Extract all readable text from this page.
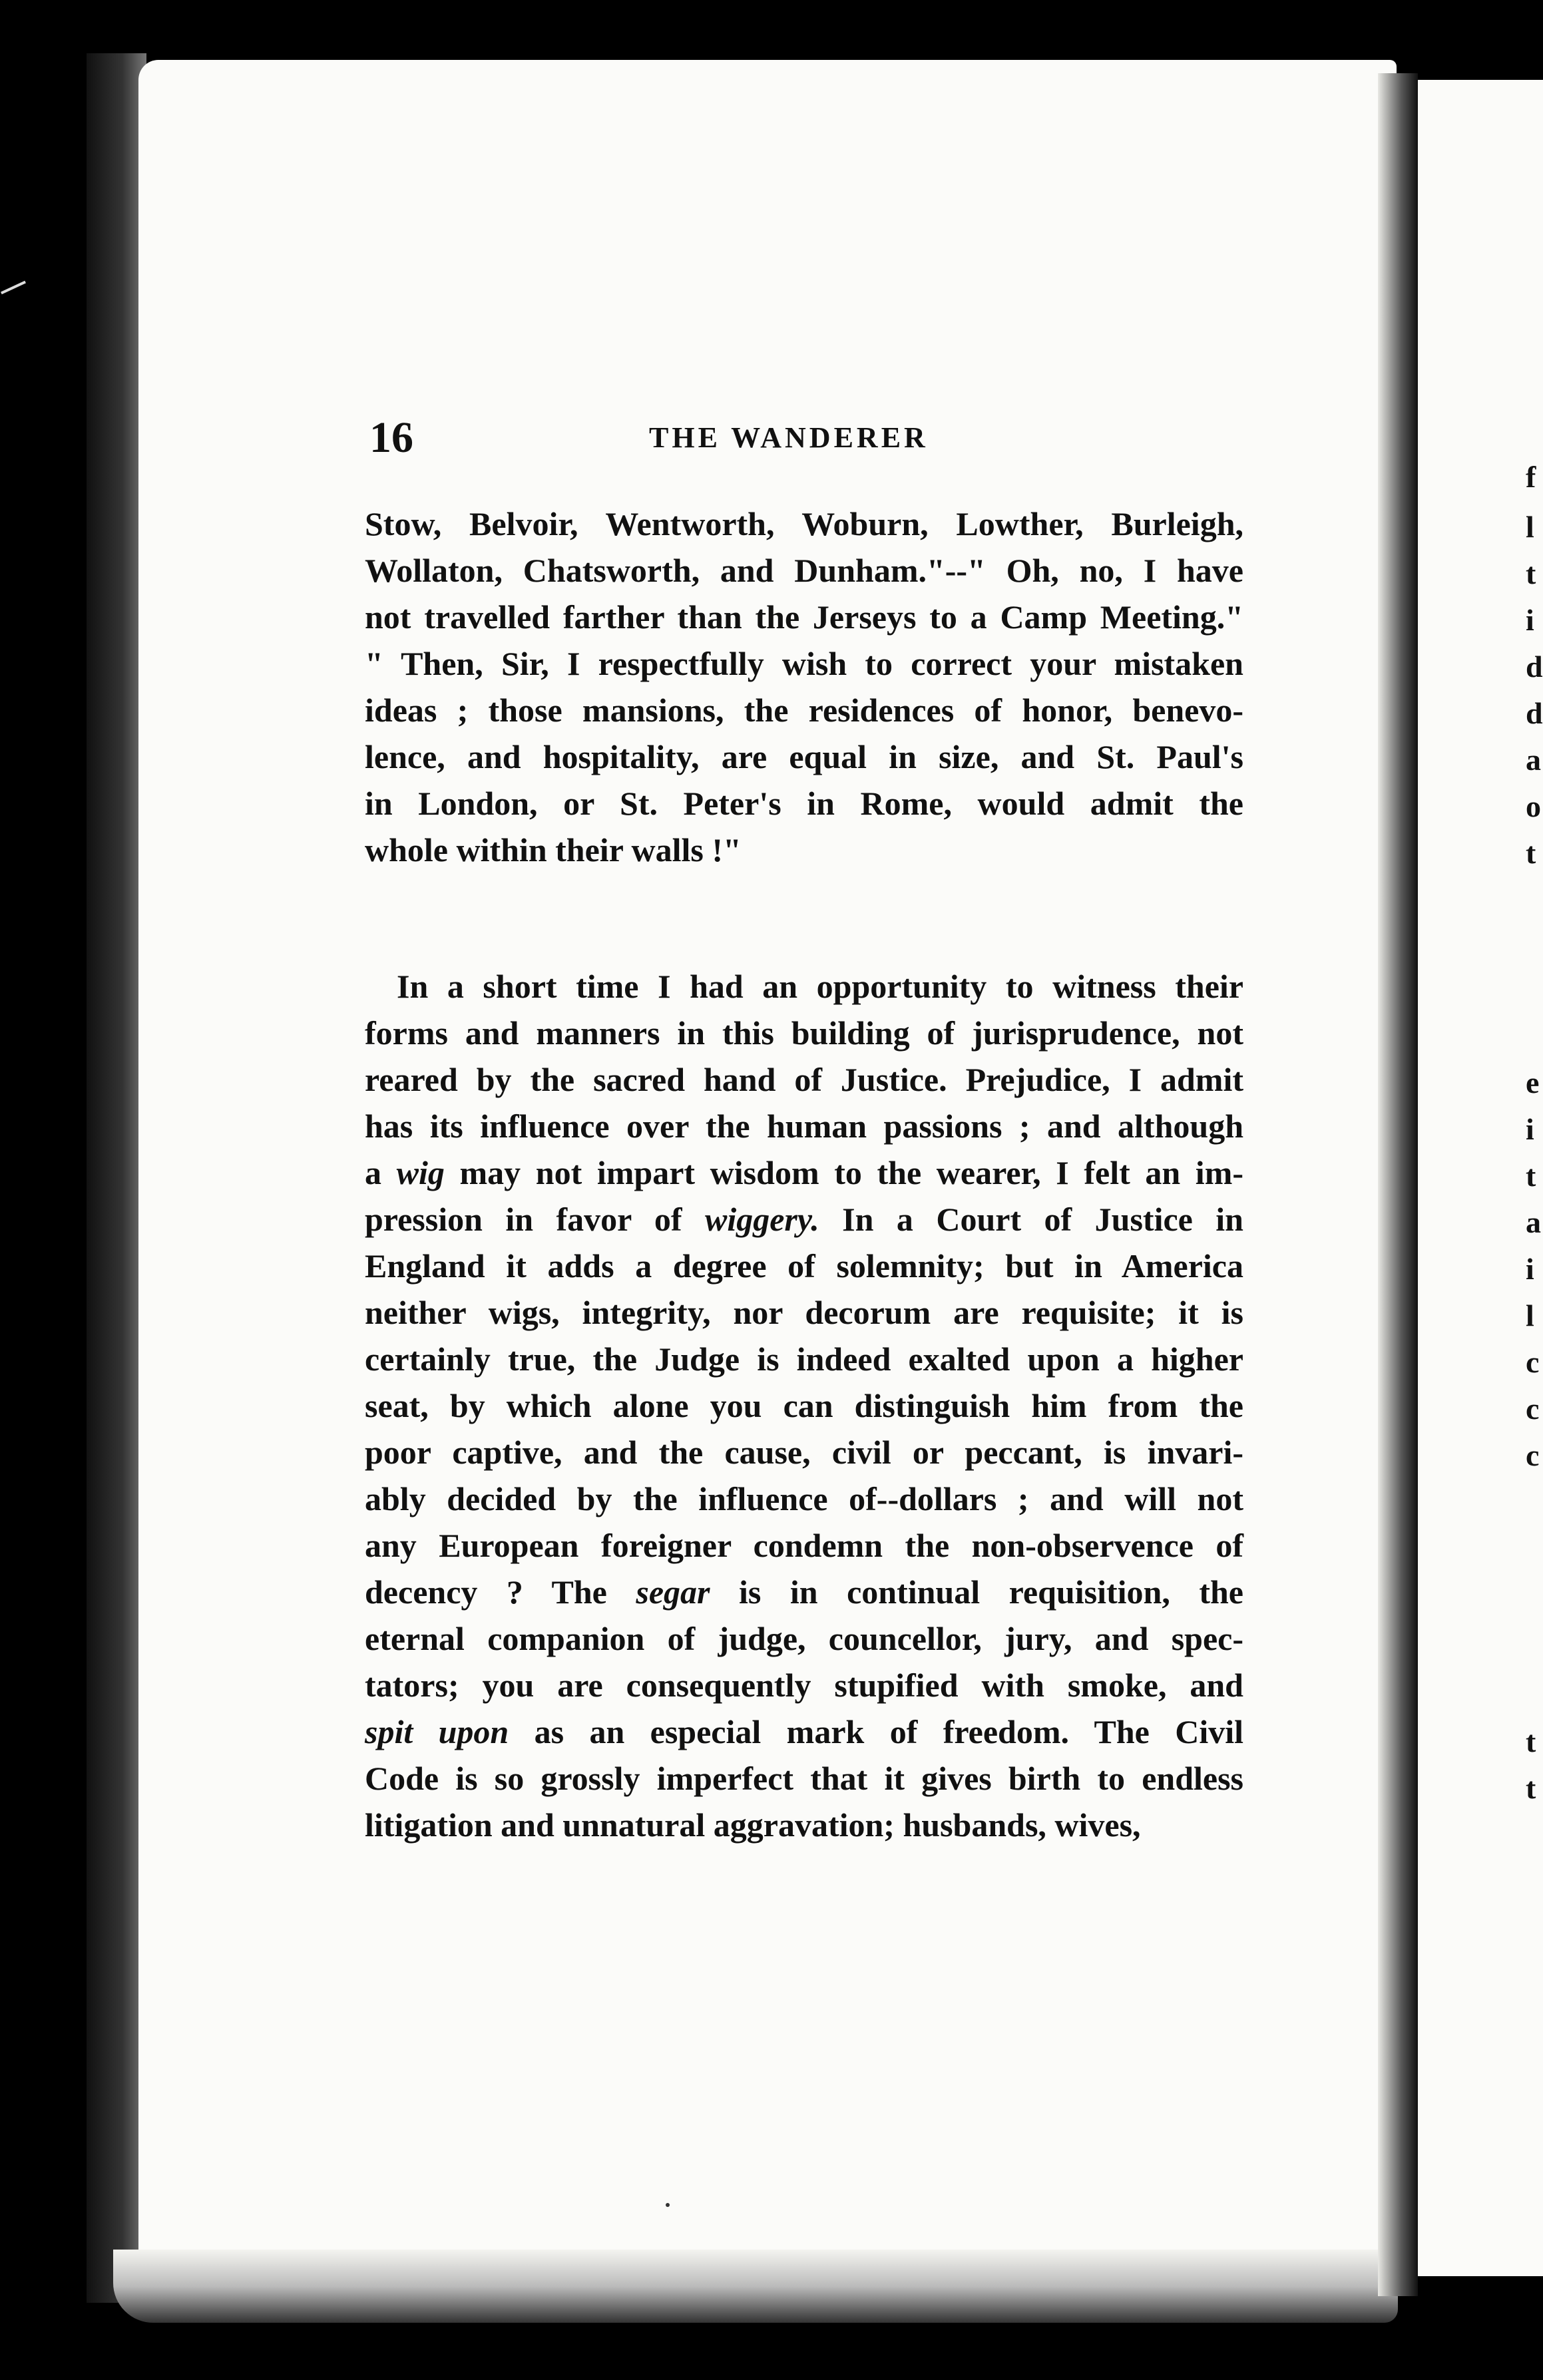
16	THE WANDERER
Stow, Belvoir, Wentworth, Woburn, Lowther, Burleigh,
Wollaton, Chatsworth, and Dunham."--" Oh, no, I have
not travelled farther than the Jerseys to a Camp Meeting."
" Then, Sir, I respectfully wish to correct your mistaken
ideas ; those mansions, the residences of honor, benevo-
lence, and hospitality, are equal in size, and St. Paul's
in London, or St. Peter's in Rome, would admit the
whole within their walls !"
In a short time I had an opportunity to witness their
forms and manners in this building of jurisprudence, not
reared by the sacred hand of Justice. Prejudice, I admit
has its influence over the human passions ; and although
a wig may not impart wisdom to the wearer, I felt an im-
pression in favor of wiggery. In a Court of Justice in
England it adds a degree of solemnity; but in America
neither wigs, integrity, nor decorum are requisite; it is
certainly true, the Judge is indeed exalted upon a higher
seat, by which alone you can distinguish him from the
poor captive, and the cause, civil or peccant, is invari-
ably decided by the influence of--dollars ; and will not
any European foreigner condemn the non-observence of
decency ? The segar is in continual requisition, the
eternal companion of judge, councellor, jury, and spec-
tators; you are consequently stupified with smoke, and
spit upon as an especial mark of freedom. The Civil
Code is so grossly imperfect that it gives birth to endless
litigation and unnatural aggravation; husbands, wives,
f
l
t
i
d
d
a
o
t
e
i
t
a
i
l
c
c
c
t
t
